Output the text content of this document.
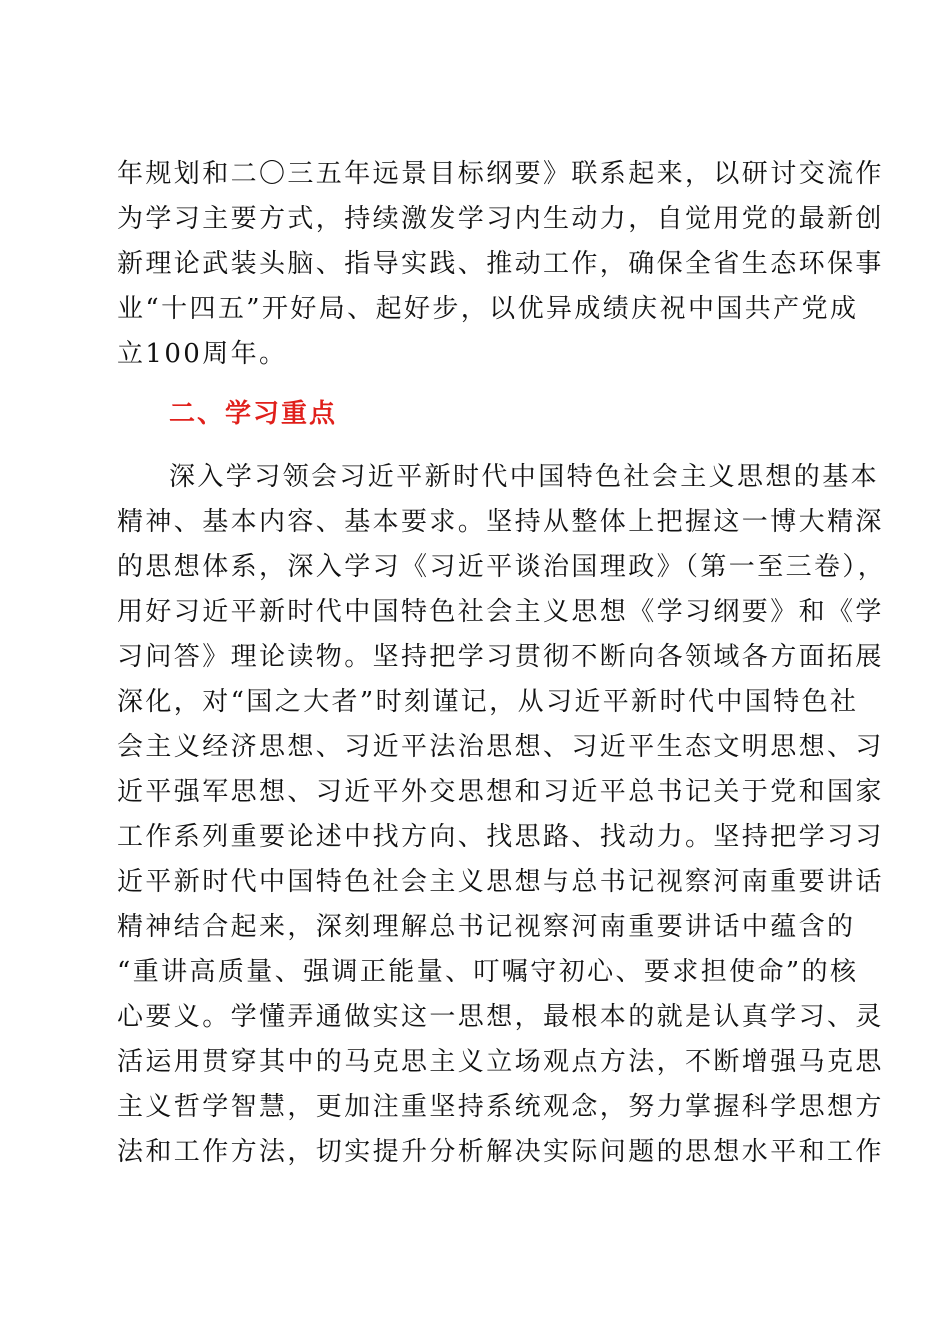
年规划和二〇三五年远景目标纲要》联系起来，以研讨交流作
为学习主要方式，持续激发学习内生动力，自觉用党的最新创
新理论武装头脑、指导实践、推动工作，确保全省生态环保事
业“十四五”开好局、起好步，以优异成绩庆祝中国共产党成
立100周年。
二、学习重点
深入学习领会习近平新时代中国特色社会主义思想的基本
精神、基本内容、基本要求。坚持从整体上把握这一博大精深
的思想体系，深入学习《习近平谈治国理政》（第一至三卷），
用好习近平新时代中国特色社会主义思想《学习纲要》和《学
习问答》理论读物。坚持把学习贯彻不断向各领域各方面拓展
深化，对“国之大者”时刻谨记，从习近平新时代中国特色社
会主义经济思想、习近平法治思想、习近平生态文明思想、习
近平强军思想、习近平外交思想和习近平总书记关于党和国家
工作系列重要论述中找方向、找思路、找动力。坚持把学习习
近平新时代中国特色社会主义思想与总书记视察河南重要讲话
精神结合起来，深刻理解总书记视察河南重要讲话中蕴含的
“重讲高质量、强调正能量、叮嘱守初心、要求担使命”的核
心要义。学懂弄通做实这一思想，最根本的就是认真学习、灵
活运用贯穿其中的马克思主义立场观点方法，不断增强马克思
主义哲学智慧，更加注重坚持系统观念，努力掌握科学思想方
法和工作方法，切实提升分析解决实际问题的思想水平和工作
